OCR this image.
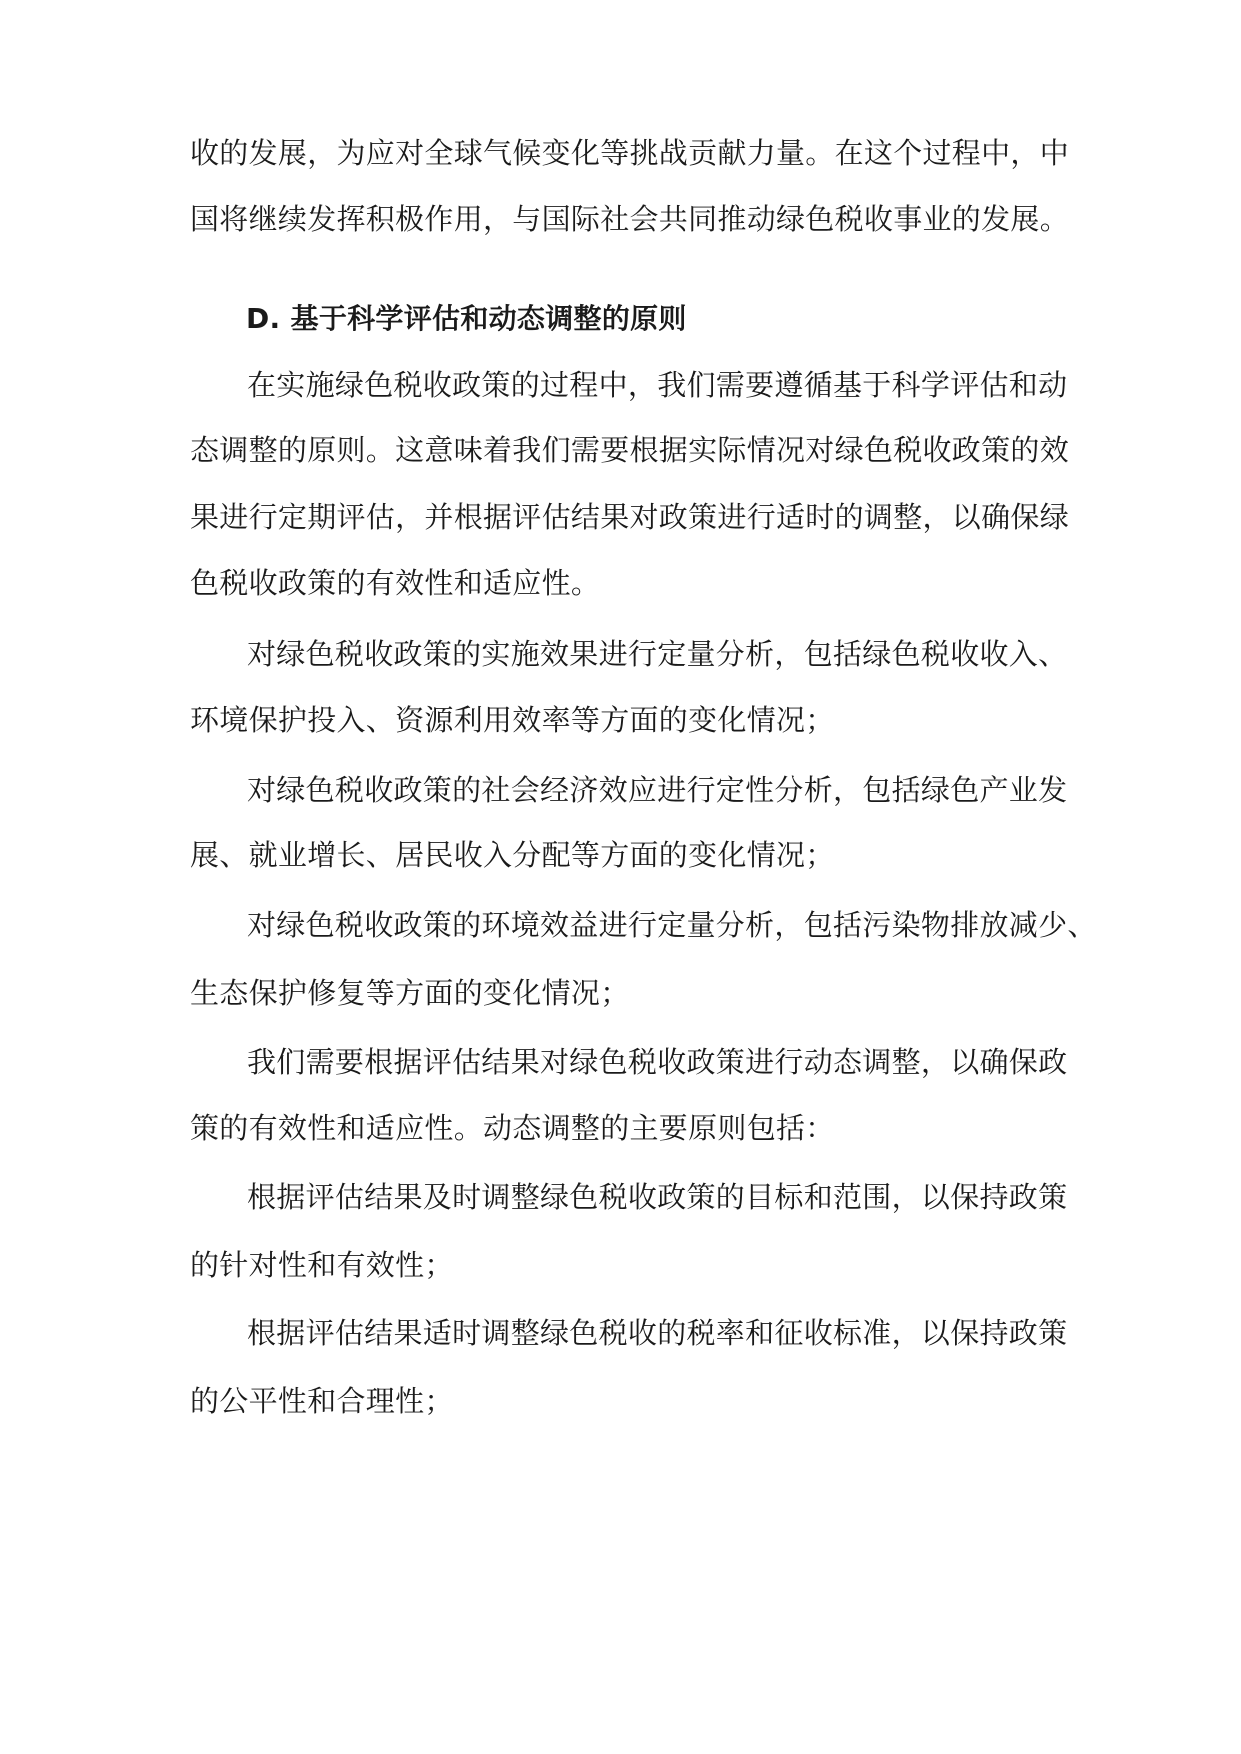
收的发展，为应对全球气候变化等挑战贡献力量。在这个过程中，中
国将继续发挥积极作用，与国际社会共同推动绿色税收事业的发展。
D. 基于科学评估和动态调整的原则
在实施绿色税收政策的过程中，我们需要遵循基于科学评估和动
态调整的原则。这意味着我们需要根据实际情况对绿色税收政策的效
果进行定期评估，并根据评估结果对政策进行适时的调整，以确保绿
色税收政策的有效性和适应性。
对绿色税收政策的实施效果进行定量分析，包括绿色税收收入、
环境保护投入、资源利用效率等方面的变化情况；
对绿色税收政策的社会经济效应进行定性分析，包括绿色产业发
展、就业增长、居民收入分配等方面的变化情况；
对绿色税收政策的环境效益进行定量分析，包括污染物排放减少、
生态保护修复等方面的变化情况；
我们需要根据评估结果对绿色税收政策进行动态调整，以确保政
策的有效性和适应性。动态调整的主要原则包括：
根据评估结果及时调整绿色税收政策的目标和范围，以保持政策
的针对性和有效性；
根据评估结果适时调整绿色税收的税率和征收标准，以保持政策
的公平性和合理性；
